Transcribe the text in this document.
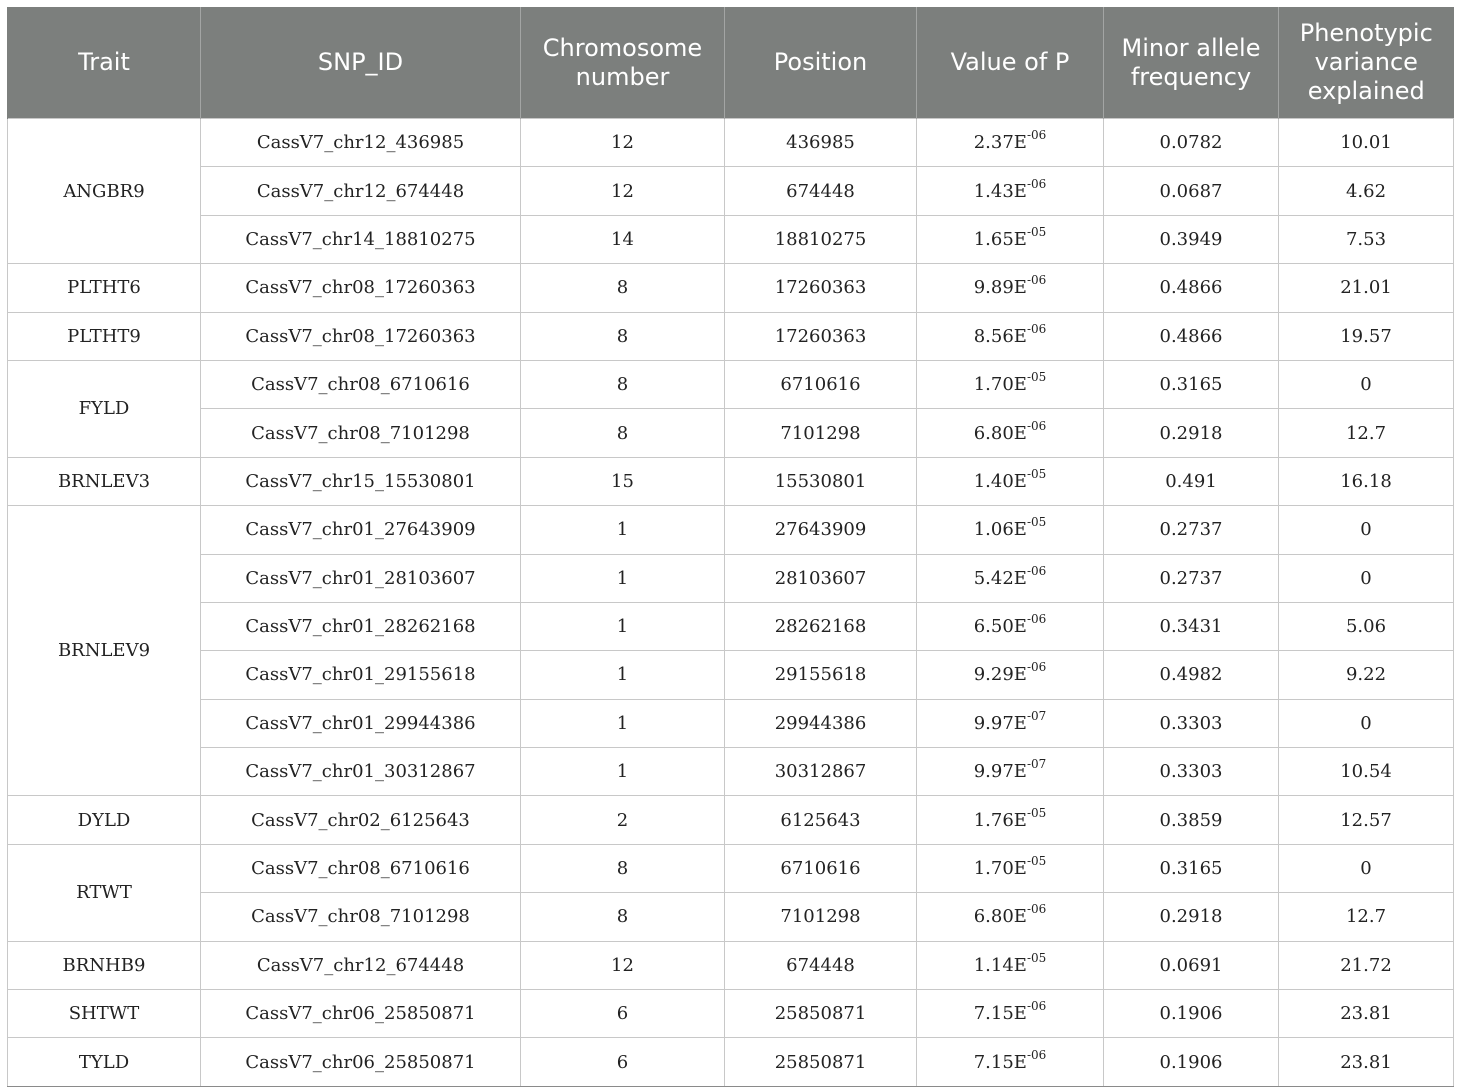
Trait	SNP_ID	Chromosome number	Position	Value of P	Minor allele frequency	Phenotypic variance explained
ANGBR9	CassV7_chr12_436985	12	436985	$2.37E^{-06}$	0.0782	10.01
	CassV7_chr12_674448	12	674448	$1.43E^{-06}$	0.0687	4.62
	CassV7_chr14_18810275	14	18810275	$1.65E^{-05}$	0.3949	7.53
PLTHT6	CassV7_chr08_17260363	8	17260363	$9.89E^{-06}$	0.4866	21.01
PLTHT9	CassV7_chr08_17260363	8	17260363	$8.56E^{-06}$	0.4866	19.57
FYLD	CassV7_chr08_6710616	8	6710616	$1.70E^{-05}$	0.3165	0
	CassV7_chr08_7101298	8	7101298	$6.80E^{-06}$	0.2918	12.7
BRNLEV3	CassV7_chr15_15530801	15	15530801	$1.40E^{-05}$	0.491	16.18
BRNLEV9	CassV7_chr01_27643909	1	27643909	$1.06E^{-05}$	0.2737	0
	CassV7_chr01_28103607	1	28103607	$5.42E^{-06}$	0.2737	0
	CassV7_chr01_28262168	1	28262168	$6.50E^{-06}$	0.3431	5.06
	CassV7_chr01_29155618	1	29155618	$9.29E^{-06}$	0.4982	9.22
	CassV7_chr01_29944386	1	29944386	$9.97E^{-07}$	0.3303	0
	CassV7_chr01_30312867	1	30312867	$9.97E^{-07}$	0.3303	10.54
DYLD	CassV7_chr02_6125643	2	6125643	$1.76E^{-05}$	0.3859	12.57
RTWT	CassV7_chr08_6710616	8	6710616	$1.70E^{-05}$	0.3165	0
	CassV7_chr08_7101298	8	7101298	$6.80E^{-06}$	0.2918	12.7
BRNHB9	CassV7_chr12_674448	12	674448	$1.14E^{-05}$	0.0691	21.72
SHTWT	CassV7_chr06_25850871	6	25850871	$7.15E^{-06}$	0.1906	23.81
TYLD	CassV7_chr06_25850871	6	25850871	$7.15E^{-06}$	0.1906	23.81
